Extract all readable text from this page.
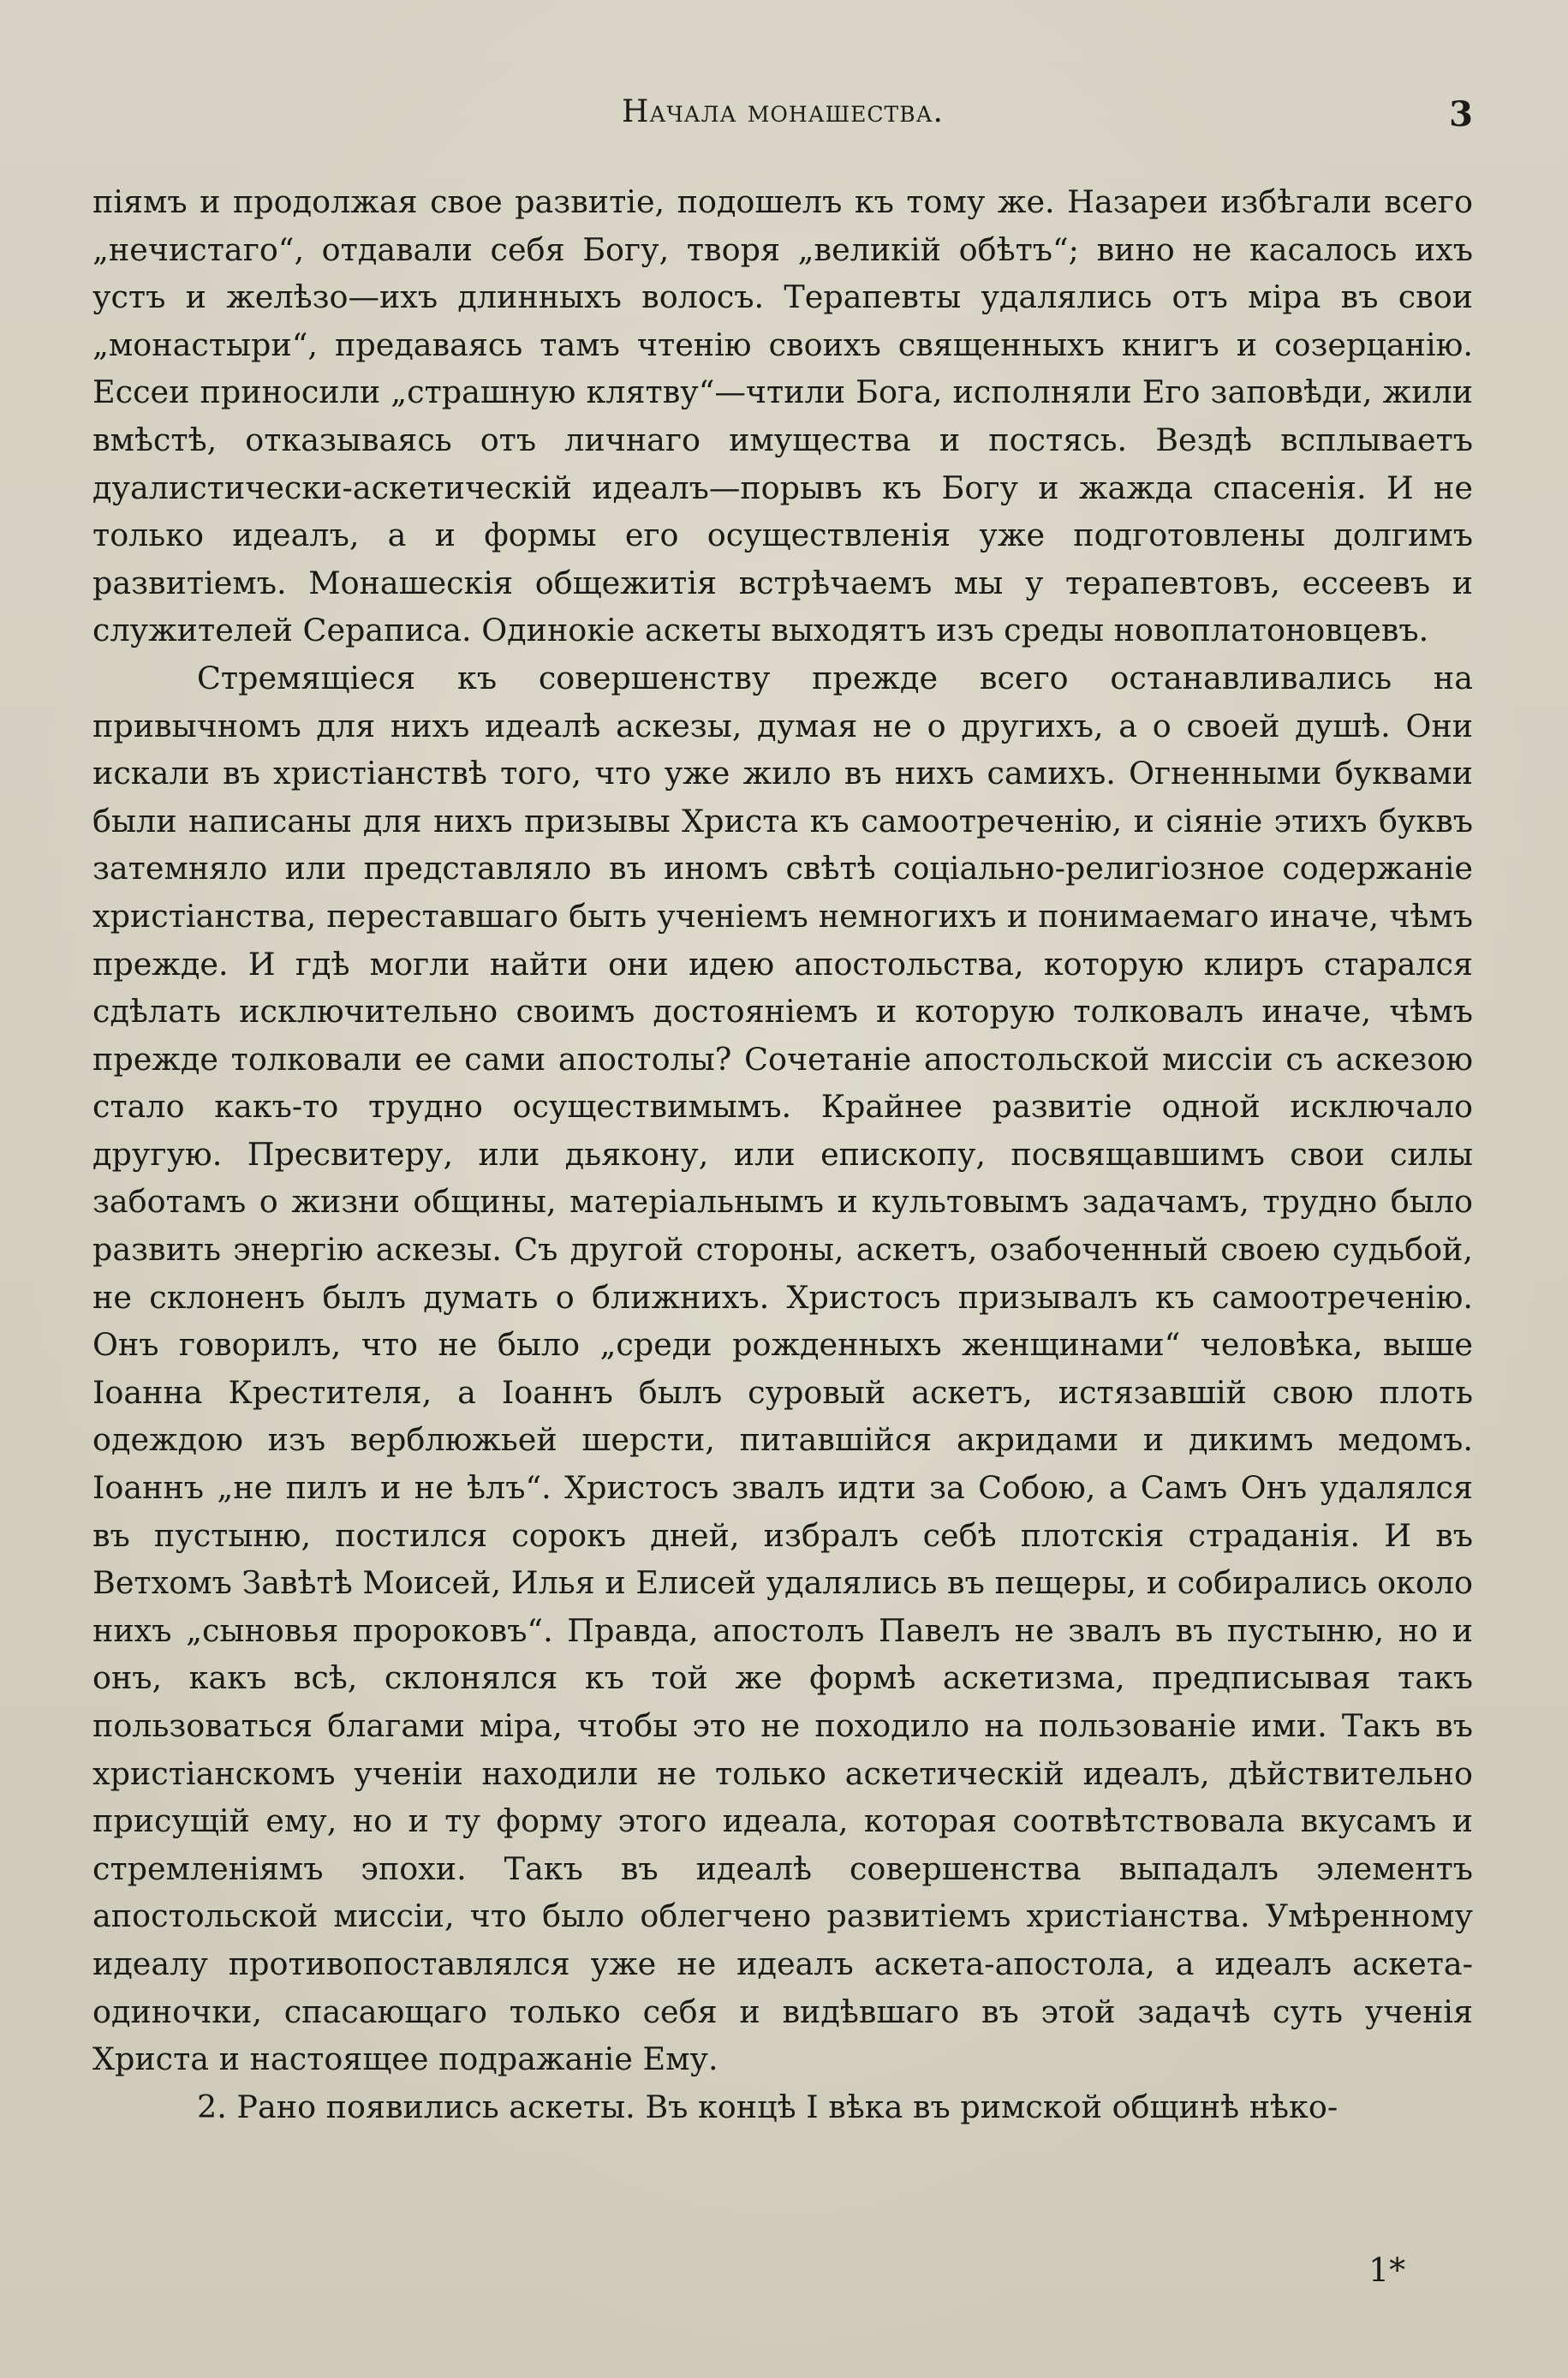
Начала монашества.	3

піямъ и продолжая свое развитіе, подошелъ къ тому же. Назареи избѣгали всего „нечистаго“, отдавали себя Богу, творя „великій обѣтъ“; вино не касалось ихъ устъ и желѣзо—ихъ длинныхъ волосъ. Терапевты удалялись отъ міра въ свои „монастыри“, предаваясь тамъ чтенію своихъ священныхъ книгъ и созерцанію. Ессеи приносили „страшную клятву“—чтили Бога, исполняли Его заповѣди, жили вмѣстѣ, отказываясь отъ личнаго имущества и постясь. Вездѣ всплываетъ дуалистически-аскетическій идеалъ—порывъ къ Богу и жажда спасенія. И не только идеалъ, а и формы его осуществленія уже подготовлены долгимъ развитіемъ. Монашескія общежитія встрѣчаемъ мы у терапевтовъ, ессеевъ и служителей Сераписа. Одинокіе аскеты выходятъ изъ среды новоплатоновцевъ.

Стремящіеся къ совершенству прежде всего останавливались на привычномъ для нихъ идеалѣ аскезы, думая не о другихъ, а о своей душѣ. Они искали въ христіанствѣ того, что уже жило въ нихъ самихъ. Огненными буквами были написаны для нихъ призывы Христа къ самоотреченію, и сіяніе этихъ буквъ затемняло или представляло въ иномъ свѣтѣ соціально-религіозное содержаніе христіанства, переставшаго быть ученіемъ немногихъ и понимаемаго иначе, чѣмъ прежде. И гдѣ могли найти они идею апостольства, которую клиръ старался сдѣлать исключительно своимъ достояніемъ и которую толковалъ иначе, чѣмъ прежде толковали ее сами апостолы? Сочетаніе апостольской миссіи съ аскезою стало какъ-то трудно осуществимымъ. Крайнее развитіе одной исключало другую. Пресвитеру, или дьякону, или епископу, посвящавшимъ свои силы заботамъ о жизни общины, матеріальнымъ и культовымъ задачамъ, трудно было развить энергію аскезы. Съ другой стороны, аскетъ, озабоченный своею судьбой, не склоненъ былъ думать о ближнихъ. Христосъ призывалъ къ самоотреченію. Онъ говорилъ, что не было „среди рожденныхъ женщинами“ человѣка, выше Іоанна Крестителя, а Іоаннъ былъ суровый аскетъ, истязавшій свою плоть одеждою изъ верблюжьей шерсти, питавшійся акридами и дикимъ медомъ. Іоаннъ „не пилъ и не ѣлъ“. Христосъ звалъ идти за Собою, а Самъ Онъ удалялся въ пустыню, постился сорокъ дней, избралъ себѣ плотскія страданія. И въ Ветхомъ Завѣтѣ Моисей, Илья и Елисей удалялись въ пещеры, и собирались около нихъ „сыновья пророковъ“. Правда, апостолъ Павелъ не звалъ въ пустыню, но и онъ, какъ всѣ, склонялся къ той же формѣ аскетизма, предписывая такъ пользоваться благами міра, чтобы это не походило на пользованіе ими. Такъ въ христіанскомъ ученіи находили не только аскетическій идеалъ, дѣйствительно присущій ему, но и ту форму этого идеала, которая соотвѣтствовала вкусамъ и стремленіямъ эпохи. Такъ въ идеалѣ совершенства выпадалъ элементъ апостольской миссіи, что было облегчено развитіемъ христіанства. Умѣренному идеалу противопоставлялся уже не идеалъ аскета-апостола, а идеалъ аскета-одиночки, спасающаго только себя и видѣвшаго въ этой задачѣ суть ученія Христа и настоящее подражаніе Ему.

2. Рано появились аскеты. Въ концѣ I вѣка въ римской общинѣ нѣко-

1*
